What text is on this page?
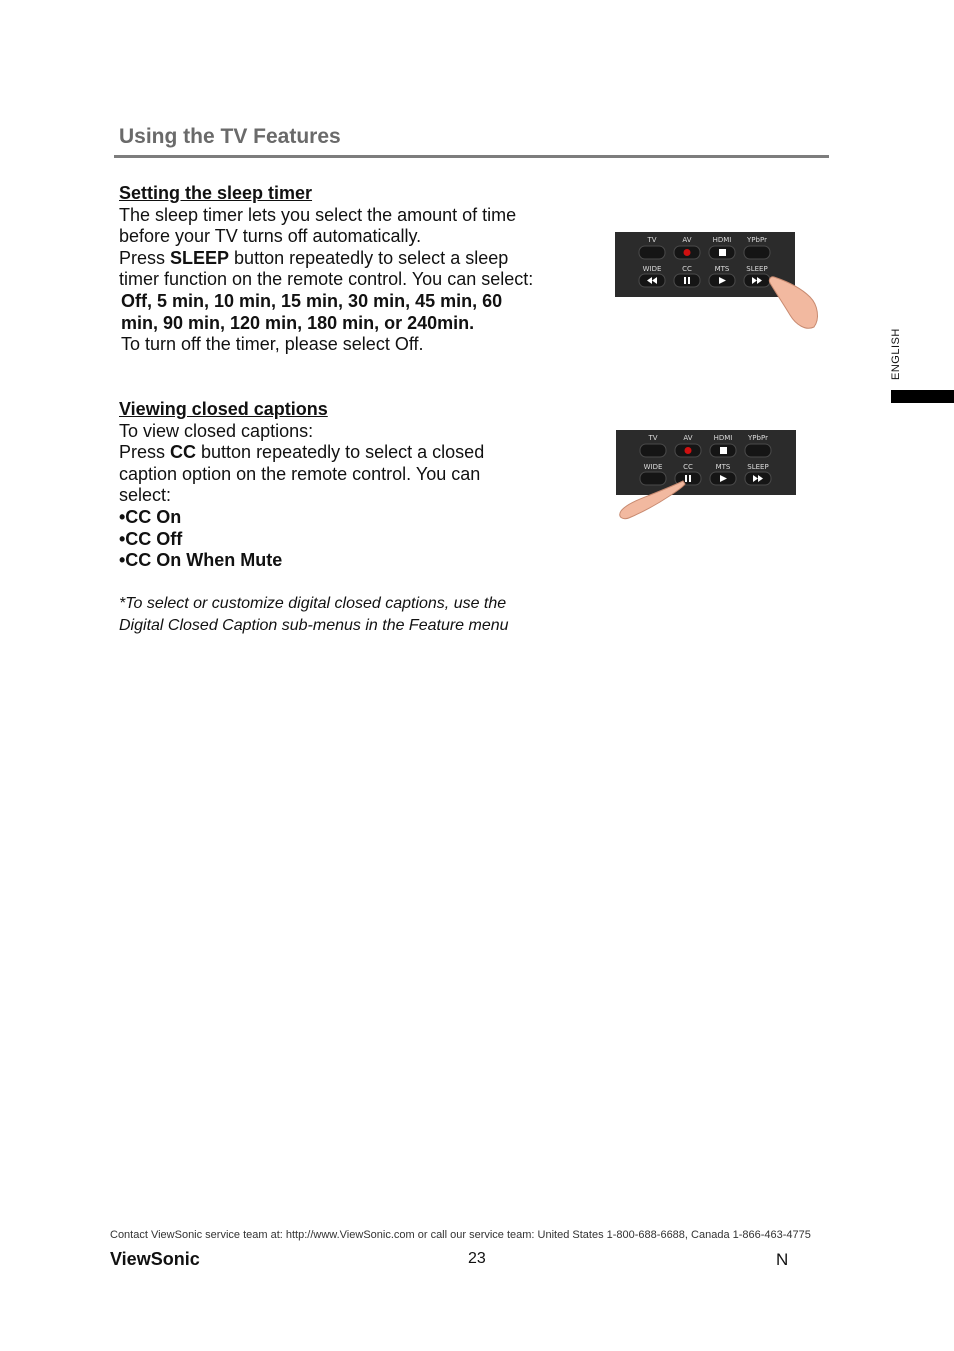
Using the TV Features

Setting the sleep timer

The sleep timer lets you select the amount of time

before your TV turns off automatically.

Press SLEEP button repeatedly to select a sleep

timer function on the remote control. You can select:

Off, 5 min, 10 min, 15 min, 30 min, 45 min, 60

min, 90 min, 120 min, 180 min, or 240min.

To turn off the timer, please select Off.

Viewing closed captions

To view closed captions:

Press CC button repeatedly to select a closed

caption option on the remote control. You can

select:

•CC On

•CC Off

•CC On When Mute

*To select or customize digital closed captions, use the

Digital Closed Caption sub-menus in the Feature menu

TV	AV	HDMI YPbPr
WIDE	CC	MTS SLEEP
TV	AV	HDMI YPbPr
WIDE	CC	MTS SLEEP
ENGLISH
Contact ViewSonic service team at: http://www.ViewSonic.com or call our service team: United States 1-800-688-6688, Canada 1-866-463-4775
ViewSonic	23	N
